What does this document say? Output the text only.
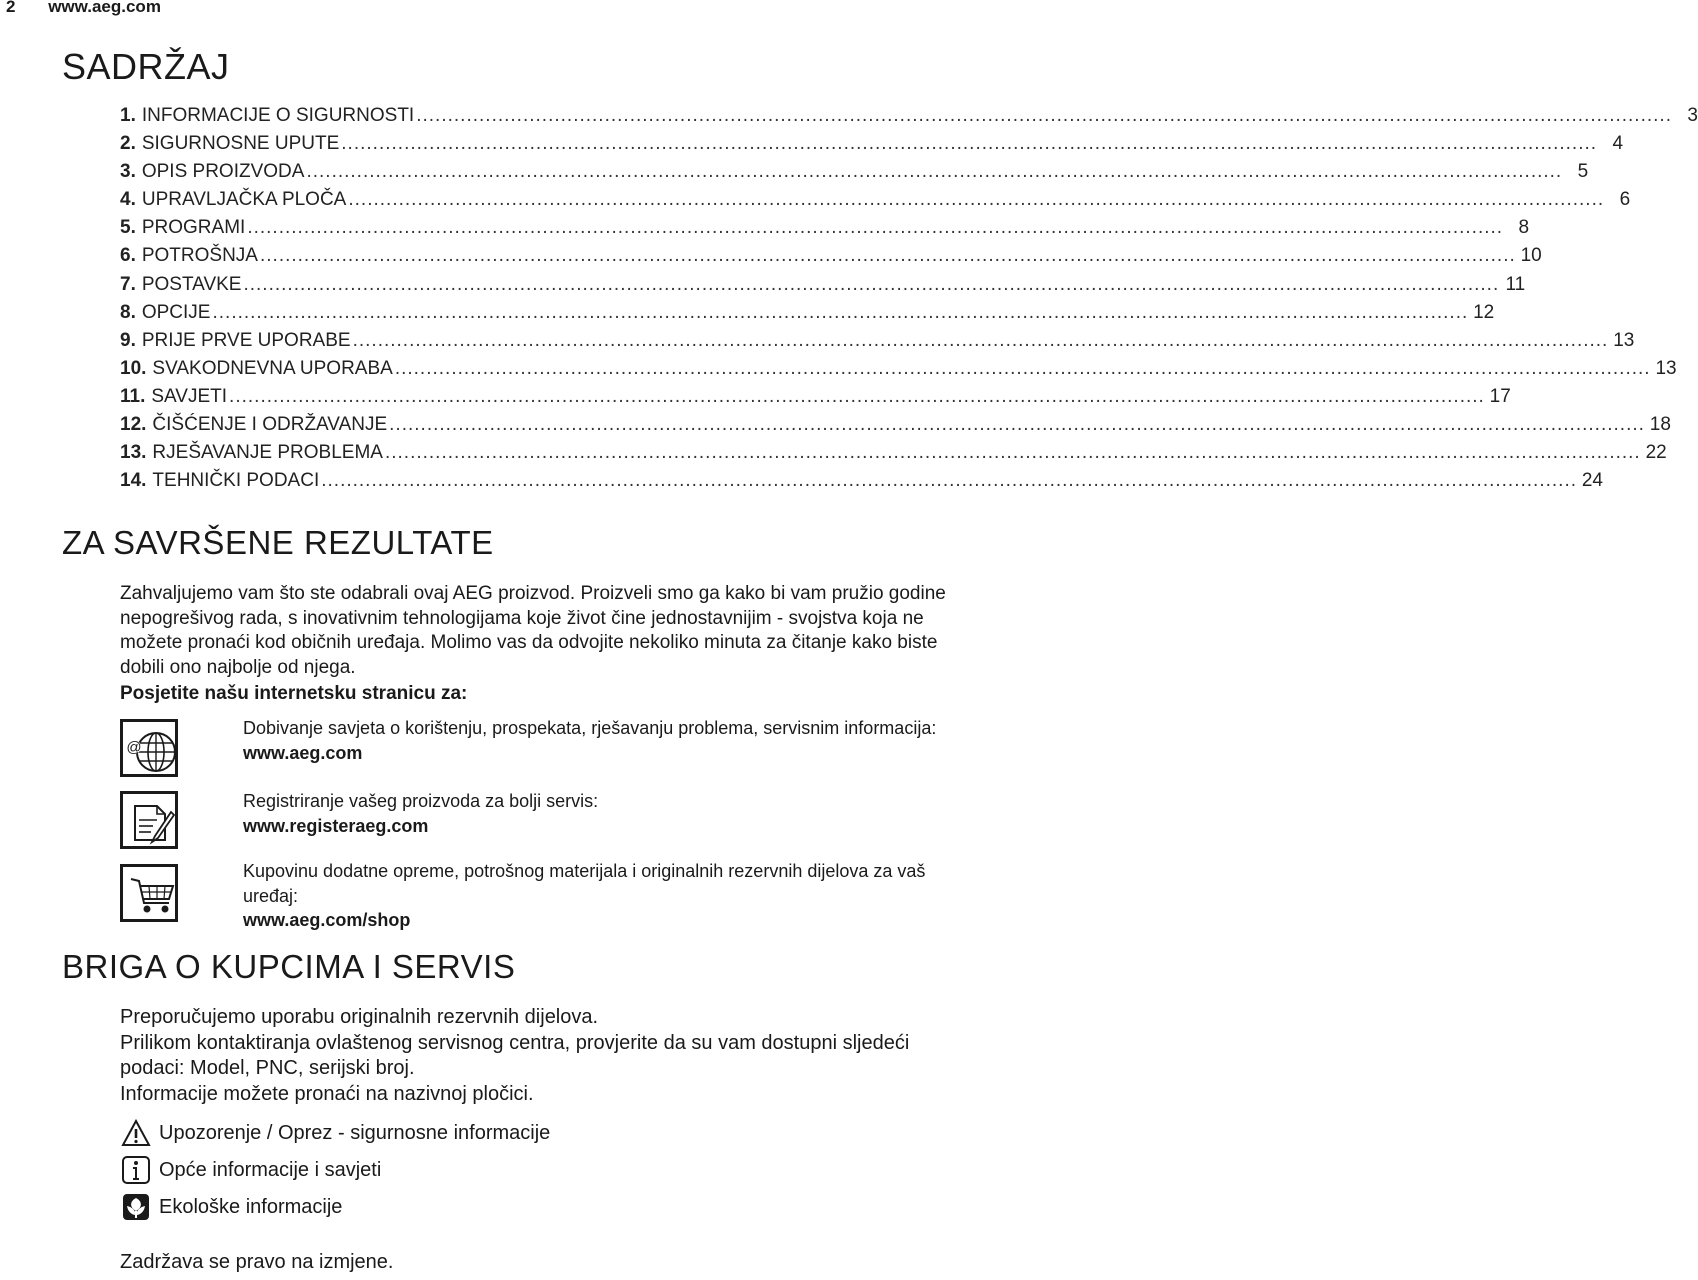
2 www.aeg.com
SADRŽAJ
1. INFORMACIJE O SIGURNOSTI ........................................................................................................................................................................................................ 3
2. SIGURNOSNE UPUTE ........................................................................................................................................................................................................ 4
3. OPIS PROIZVODA ........................................................................................................................................................................................................ 5
4. UPRAVLJAČKA PLOČA ........................................................................................................................................................................................................ 6
5. PROGRAMI ........................................................................................................................................................................................................ 8
6. POTROŠNJA ........................................................................................................................................................................................................ 10
7. POSTAVKE ........................................................................................................................................................................................................ 11
8. OPCIJE ........................................................................................................................................................................................................ 12
9. PRIJE PRVE UPORABE ........................................................................................................................................................................................................ 13
10. SVAKODNEVNA UPORABA ........................................................................................................................................................................................................ 13
11. SAVJETI ........................................................................................................................................................................................................ 17
12. ČIŠĆENJE I ODRŽAVANJE ........................................................................................................................................................................................................ 18
13. RJEŠAVANJE PROBLEMA ........................................................................................................................................................................................................ 22
14. TEHNIČKI PODACI ........................................................................................................................................................................................................ 24
ZA SAVRŠENE REZULTATE

Zahvaljujemo vam što ste odabrali ovaj AEG proizvod. Proizveli smo ga kako bi vam pružio godine nepogrešivog rada, s inovativnim tehnologijama koje život čine jednostavnijim - svojstva koja ne možete pronaći kod običnih uređaja. Molimo vas da odvojite nekoliko minuta za čitanje kako biste dobili ono najbolje od njega.

Posjetite našu internetsku stranicu za:

@
Dobivanje savjeta o korištenju, prospekata, rješavanju problema, servisnim informacija:
www.aeg.com
Registriranje vašeg proizvoda za bolji servis:
www.registeraeg.com
Kupovinu dodatne opreme, potrošnog materijala i originalnih rezervnih dijelova za vaš uređaj:
www.aeg.com/shop
BRIGA O KUPCIMA I SERVIS
Preporučujemo uporabu originalnih rezervnih dijelova.
Prilikom kontaktiranja ovlaštenog servisnog centra, provjerite da su vam dostupni sljedeći podaci: Model, PNC, serijski broj.
Informacije možete pronaći na nazivnoj pločici.
Upozorenje / Oprez - sigurnosne informacije
Opće informacije i savjeti
Ekološke informacije
Zadržava se pravo na izmjene.
